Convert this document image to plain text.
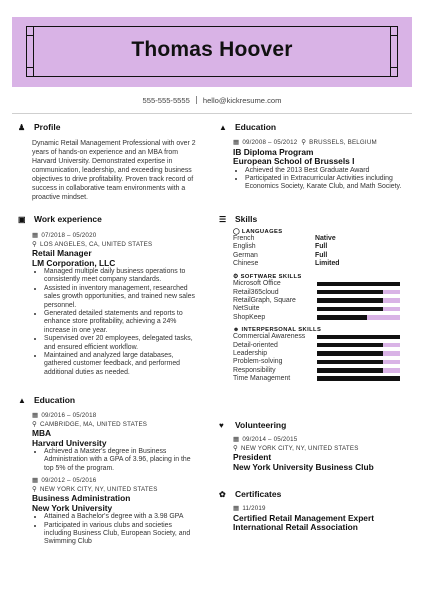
Thomas Hoover
555-555-5555 hello@kickresume.com
♟	Profile
Dynamic Retail Management Professional with over 2 years of hands-on experience and an MBA from Harvard University. Demonstrated expertise in communication, leadership, and exceeding business objectives to drive profitability. Proven track record of success in collaborative team environments with a proactive mindset.
▣ Work experience
▦ 07/2018 – 05/2020
⚲ LOS ANGELES, CA, UNITED STATES
Retail Manager
LM Corporation, LLC
• Managed multiple daily business operations to consistently meet company standards.
• Assisted in inventory management, researched sales growth opportunities, and trained new sales personnel.
• Generated detailed statements and reports to enhance store profitability, achieving a 24% increase in one year.
• Supervised over 20 employees, delegated tasks, and ensured efficient workflow.
• Maintained and analyzed large databases, gathered customer feedback, and performed additional duties as needed.
▲ Education
▦ 09/2016 – 05/2018
⚲ CAMBRIDGE, MA, UNITED STATES
MBA
Harvard University
• Achieved a Master's degree in Business Administration with a GPA of 3.96, placing in the top 5% of the program.
▦ 09/2012 – 05/2016
⚲ NEW YORK CITY, NY, UNITED STATES
Business Administration
New York University
• Attained a Bachelor's degree with a 3.98 GPA
• Participated in various clubs and societies including Business Club, European Society, and Swimming Club
▲ Education
▦ 09/2008 – 05/2012 ⚲ BRUSSELS, BELGIUM
IB Diploma Program
European School of Brussels I
• Achieved the 2013 Best Graduate Award
• Participated in Extracurricular Activities including Economics Society, Karate Club, and Math Society.
☰	Skills
◯ LANGUAGES
French	Native
English	Full
German	Full
Chinese	Limited
⚙ SOFTWARE SKILLS
Microsoft Office
Retail365cloud
RetailGraph, Square
NetSuite
ShopKeep
☻ INTERPERSONAL SKILLS
Commercial Awareness
Detail-oriented
Leadership
Problem-solving
Responsibility
Time Management
♥	Volunteering
▦ 09/2014 – 05/2015
⚲ NEW YORK CITY, NY, UNITED STATES
President
New York University Business Club
✿	Certificates
▦ 11/2019
Certified Retail Management Expert
International Retail Association
